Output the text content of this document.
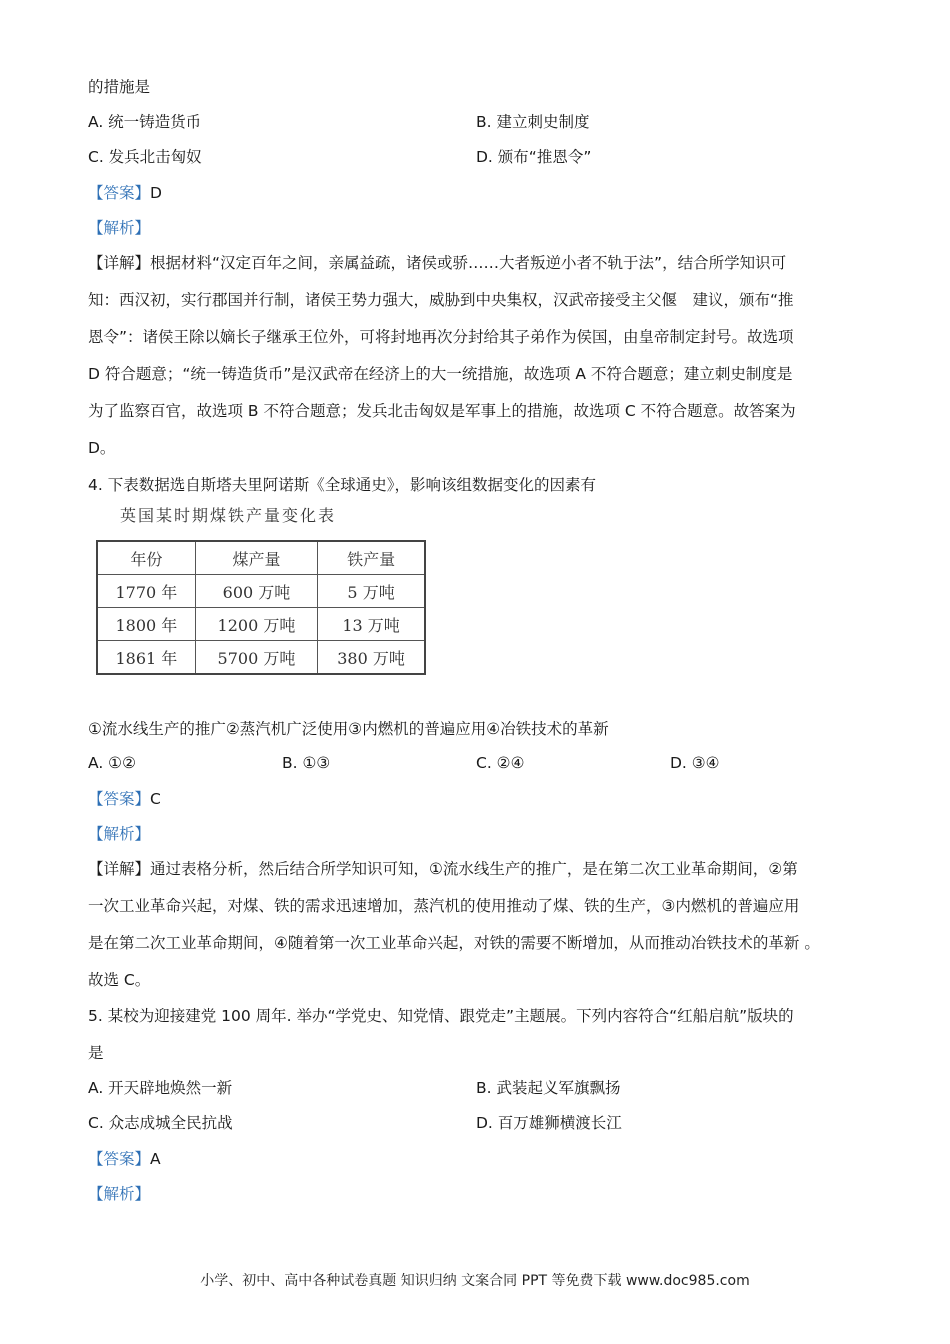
的措施是
A. 统一铸造货币	B. 建立刺史制度
C. 发兵北击匈奴	D. 颁布“推恩令”
【答案】D
【解析】
【详解】根据材料“汉定百年之间，亲属益疏，诸侯或骄……大者叛逆小者不轨于法”，结合所学知识可
知：西汉初，实行郡国并行制，诸侯王势力强大，威胁到中央集权，汉武帝接受主父偃　建议，颁布“推
恩令”：诸侯王除以嫡长子继承王位外，可将封地再次分封给其子弟作为侯国，由皇帝制定封号。故选项
D 符合题意；“统一铸造货币”是汉武帝在经济上的大一统措施，故选项 A 不符合题意；建立刺史制度是
为了监察百官，故选项 B 不符合题意；发兵北击匈奴是军事上的措施，故选项 C 不符合题意。故答案为
D。
4. 下表数据选自斯塔夫里阿诺斯《全球通史》，影响该组数据变化的因素有
英国某时期煤铁产量变化表
年份	煤产量	铁产量
1770 年	600 万吨	5 万吨
1800 年	1200 万吨	13 万吨
1861 年	5700 万吨	380 万吨
①流水线生产的推广②蒸汽机广泛使用③内燃机的普遍应用④冶铁技术的革新
A. ①②	B. ①③	C. ②④	D. ③④
【答案】C
【解析】
【详解】通过表格分析，然后结合所学知识可知，①流水线生产的推广，是在第二次工业革命期间，②第
一次工业革命兴起，对煤、铁的需求迅速增加，蒸汽机的使用推动了煤、铁的生产，③内燃机的普遍应用
是在第二次工业革命期间，④随着第一次工业革命兴起，对铁的需要不断增加，从而推动冶铁技术的革新 。
故选 C。
5. 某校为迎接建党 100 周年. 举办“学党史、知党情、跟党走”主题展。下列内容符合“红船启航”版块的
是
A. 开天辟地焕然一新	B. 武装起义军旗飘扬
C. 众志成城全民抗战	D. 百万雄狮横渡长江
【答案】A
【解析】
小学、初中、高中各种试卷真题 知识归纳 文案合同 PPT 等免费下载 www.doc985.com
